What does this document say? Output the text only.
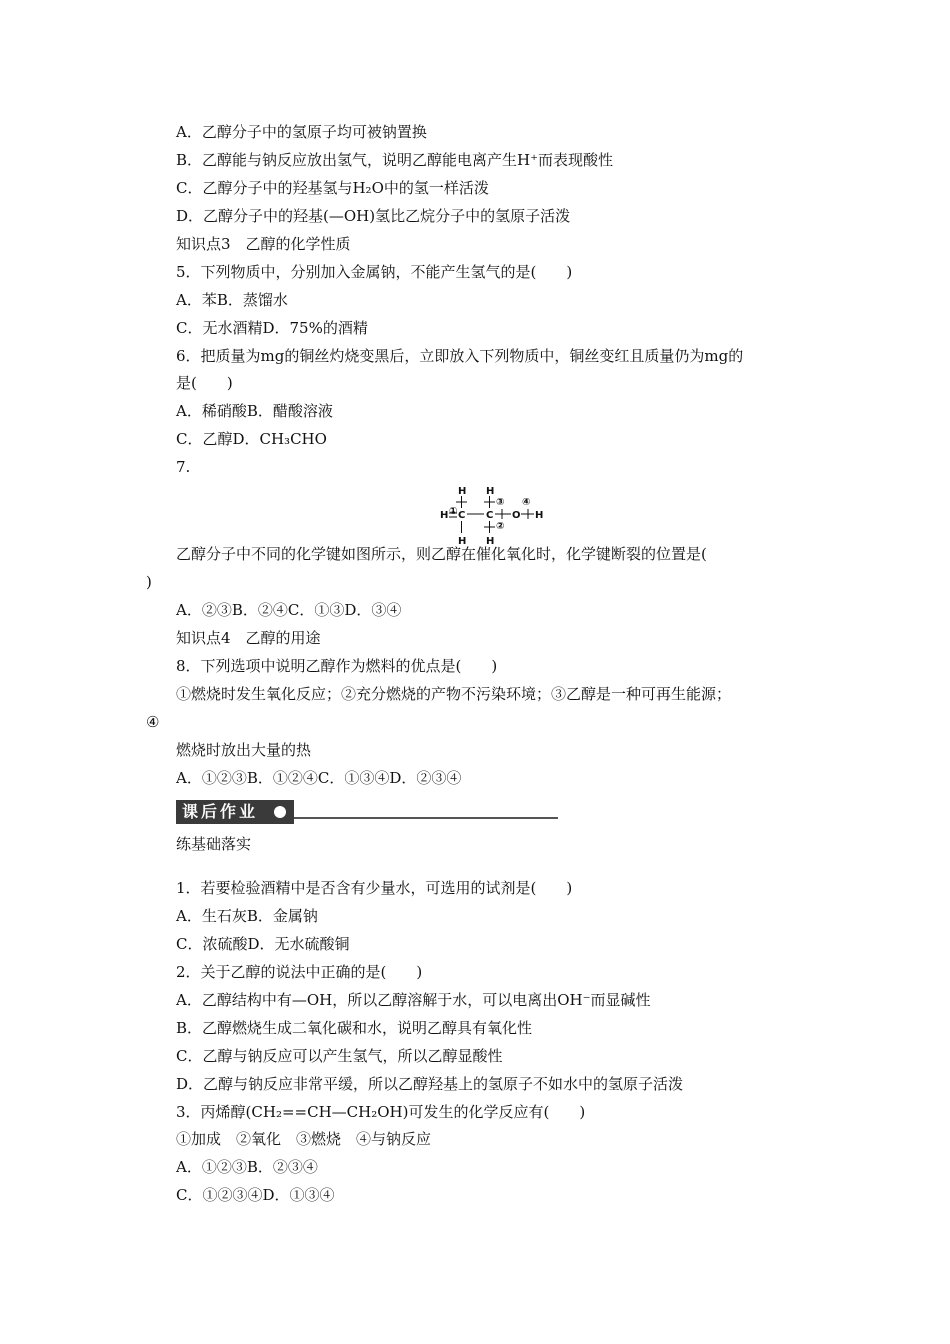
A．乙醇分子中的氢原子均可被钠置换
B．乙醇能与钠反应放出氢气，说明乙醇能电离产生H⁺而表现酸性
C．乙醇分子中的羟基氢与H₂O中的氢一样活泼
D．乙醇分子中的羟基(—OH)氢比乙烷分子中的氢原子活泼
知识点3　乙醇的化学性质
5．下列物质中，分别加入金属钠，不能产生氢气的是(　　)
A．苯B．蒸馏水
C．无水酒精D．75%的酒精
6．把质量为mg的铜丝灼烧变黑后，立即放入下列物质中，铜丝变红且质量仍为mg的
是(　　)
A．稀硝酸B．醋酸溶液
C．乙醇D．CH₃CHO
7.
H H
③ ④
H ① C C O H
②
H H
乙醇分子中不同的化学键如图所示，则乙醇在催化氧化时，化学键断裂的位置是(
)
A．②③B．②④C．①③D．③④
知识点4　乙醇的用途
8．下列选项中说明乙醇作为燃料的优点是(　　)
①燃烧时发生氧化反应；②充分燃烧的产物不污染环境；③乙醇是一种可再生能源；
④
燃烧时放出大量的热
A．①②③B．①②④C．①③④D．②③④
课后作业
练基础落实
1．若要检验酒精中是否含有少量水，可选用的试剂是(　　)
A．生石灰B．金属钠
C．浓硫酸D．无水硫酸铜
2．关于乙醇的说法中正确的是(　　)
A．乙醇结构中有—OH，所以乙醇溶解于水，可以电离出OH⁻而显碱性
B．乙醇燃烧生成二氧化碳和水，说明乙醇具有氧化性
C．乙醇与钠反应可以产生氢气，所以乙醇显酸性
D．乙醇与钠反应非常平缓，所以乙醇羟基上的氢原子不如水中的氢原子活泼
3．丙烯醇(CH₂==CH—CH₂OH)可发生的化学反应有(　　)
①加成　②氧化　③燃烧　④与钠反应
A．①②③B．②③④
C．①②③④D．①③④
